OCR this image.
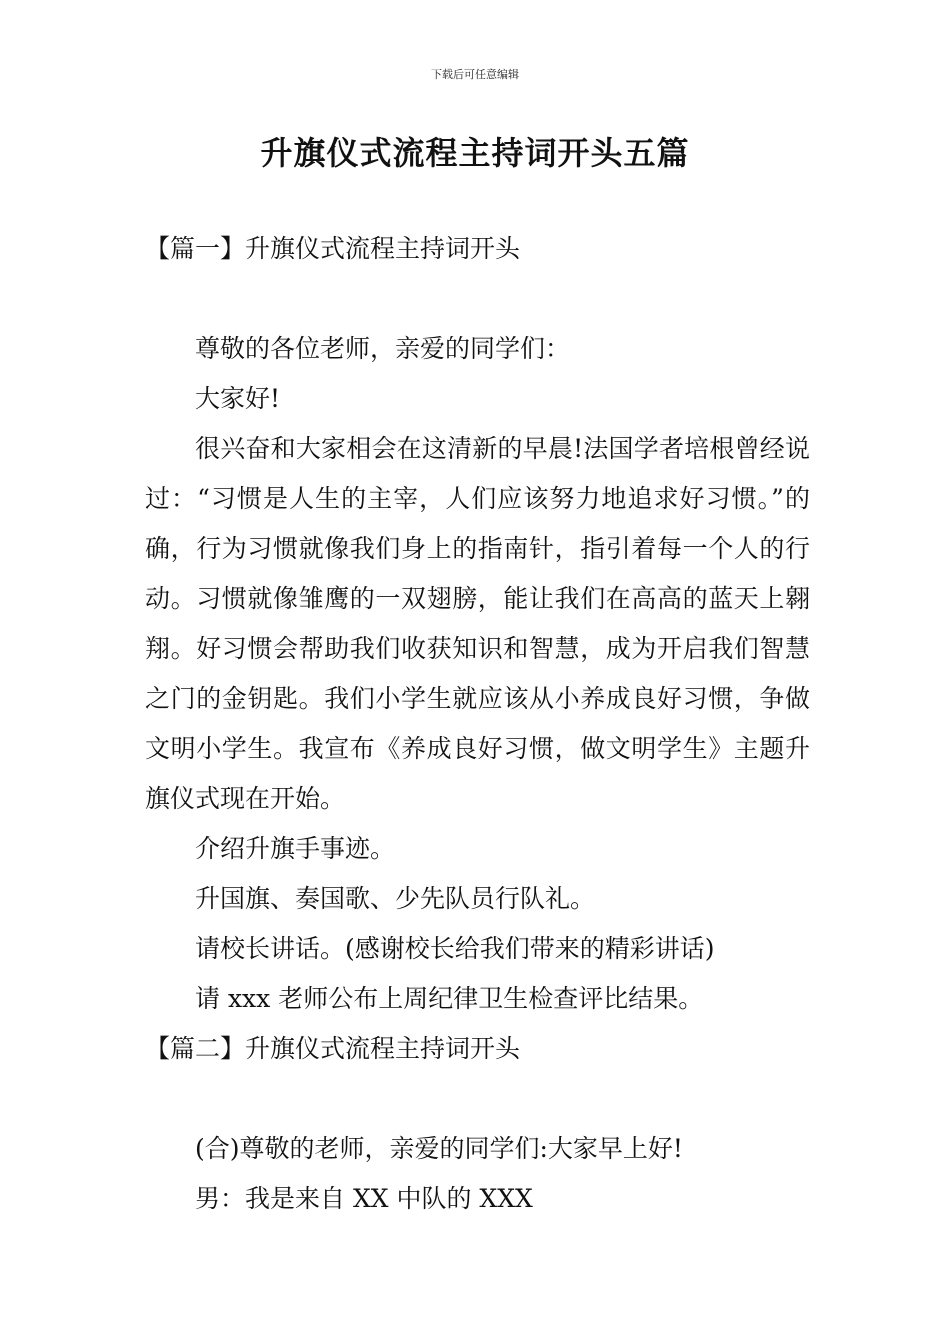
下载后可任意编辑
升旗仪式流程主持词开头五篇

【篇一】升旗仪式流程主持词开头

尊敬的各位老师，亲爱的同学们：

大家好!

很兴奋和大家相会在这清新的早晨!法国学者培根曾经说过：“习惯是人生的主宰，人们应该努力地追求好习惯。”的确，行为习惯就像我们身上的指南针，指引着每一个人的行动。习惯就像雏鹰的一双翅膀，能让我们在高高的蓝天上翱翔。好习惯会帮助我们收获知识和智慧，成为开启我们智慧之门的金钥匙。我们小学生就应该从小养成良好习惯，争做文明小学生。我宣布《养成良好习惯，做文明学生》主题升旗仪式现在开始。

介绍升旗手事迹。

升国旗、奏国歌、少先队员行队礼。

请校长讲话。(感谢校长给我们带来的精彩讲话)

请 xxx 老师公布上周纪律卫生检查评比结果。

【篇二】升旗仪式流程主持词开头

(合)尊敬的老师，亲爱的同学们:大家早上好!

男：我是来自 XX 中队的 XXX
